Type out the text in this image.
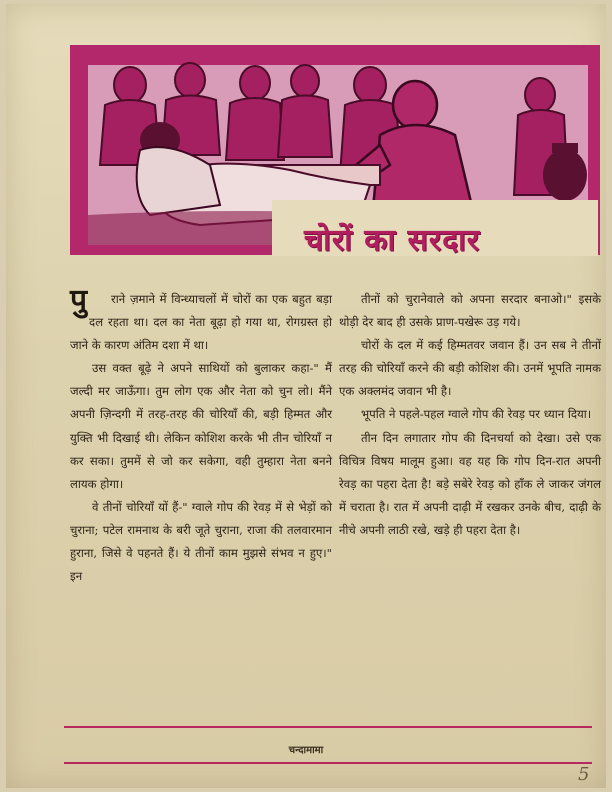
चोरों का सरदार

पु राने ज़माने में विन्ध्याचलों में चोरों का एक बहुत बड़ा दल रहता था। दल का नेता बूढ़ा हो गया था, रोगग्रस्त हो जाने के कारण अंतिम दशा में था।

उस वक्त बूढ़े ने अपने साथियों को बुलाकर कहा-" मैं जल्दी मर जाऊँगा। तुम लोग एक और नेता को चुन लो। मैंने अपनी ज़िन्दगी में तरह-तरह की चोरियाँ की, बड़ी हिम्मत और युक्ति भी दिखाई थी। लेकिन कोशिश करके भी तीन चोरियाँ न कर सका। तुममें से जो कर सकेगा, वही तुम्हारा नेता बनने लायक होगा।

वे तीनों चोरियाँ यों हैं-" ग्वाले गोप की रेवड़ में से भेड़ों को चुराना; पटेल रामनाथ के बरी जूते चुराना, राजा की तलवारमान हुराना, जिसे वे पहनते हैं। ये तीनों काम मुझसे संभव न हुए।" इन

तीनों को चुरानेवाले को अपना सरदार बनाओ।" इसके थोड़ी देर बाद ही उसके प्राण-पखेरू उड़ गये।

चोरों के दल में कई हिम्मतवर जवान हैं। उन सब ने तीनों तरह की चोरियाँ करने की बड़ी कोशिश की। उनमें भूपति नामक एक अक्लमंद जवान भी है।

भूपति ने पहले-पहल ग्वाले गोप की रेवड़ पर ध्यान दिया।

तीन दिन लगातार गोप की दिनचर्या को देखा। उसे एक विचित्र विषय मालूम हुआ। वह यह कि गोप दिन-रात अपनी रेवड़ का पहरा देता है! बड़े सबेरे रेवड़ को हाँक ले जाकर जंगल में चराता है। रात में अपनी दाढ़ी में रखकर उनके बीच, दाढ़ी के नीचे अपनी लाठी रखे, खड़े ही पहरा देता है।

चन्दामामा
5
